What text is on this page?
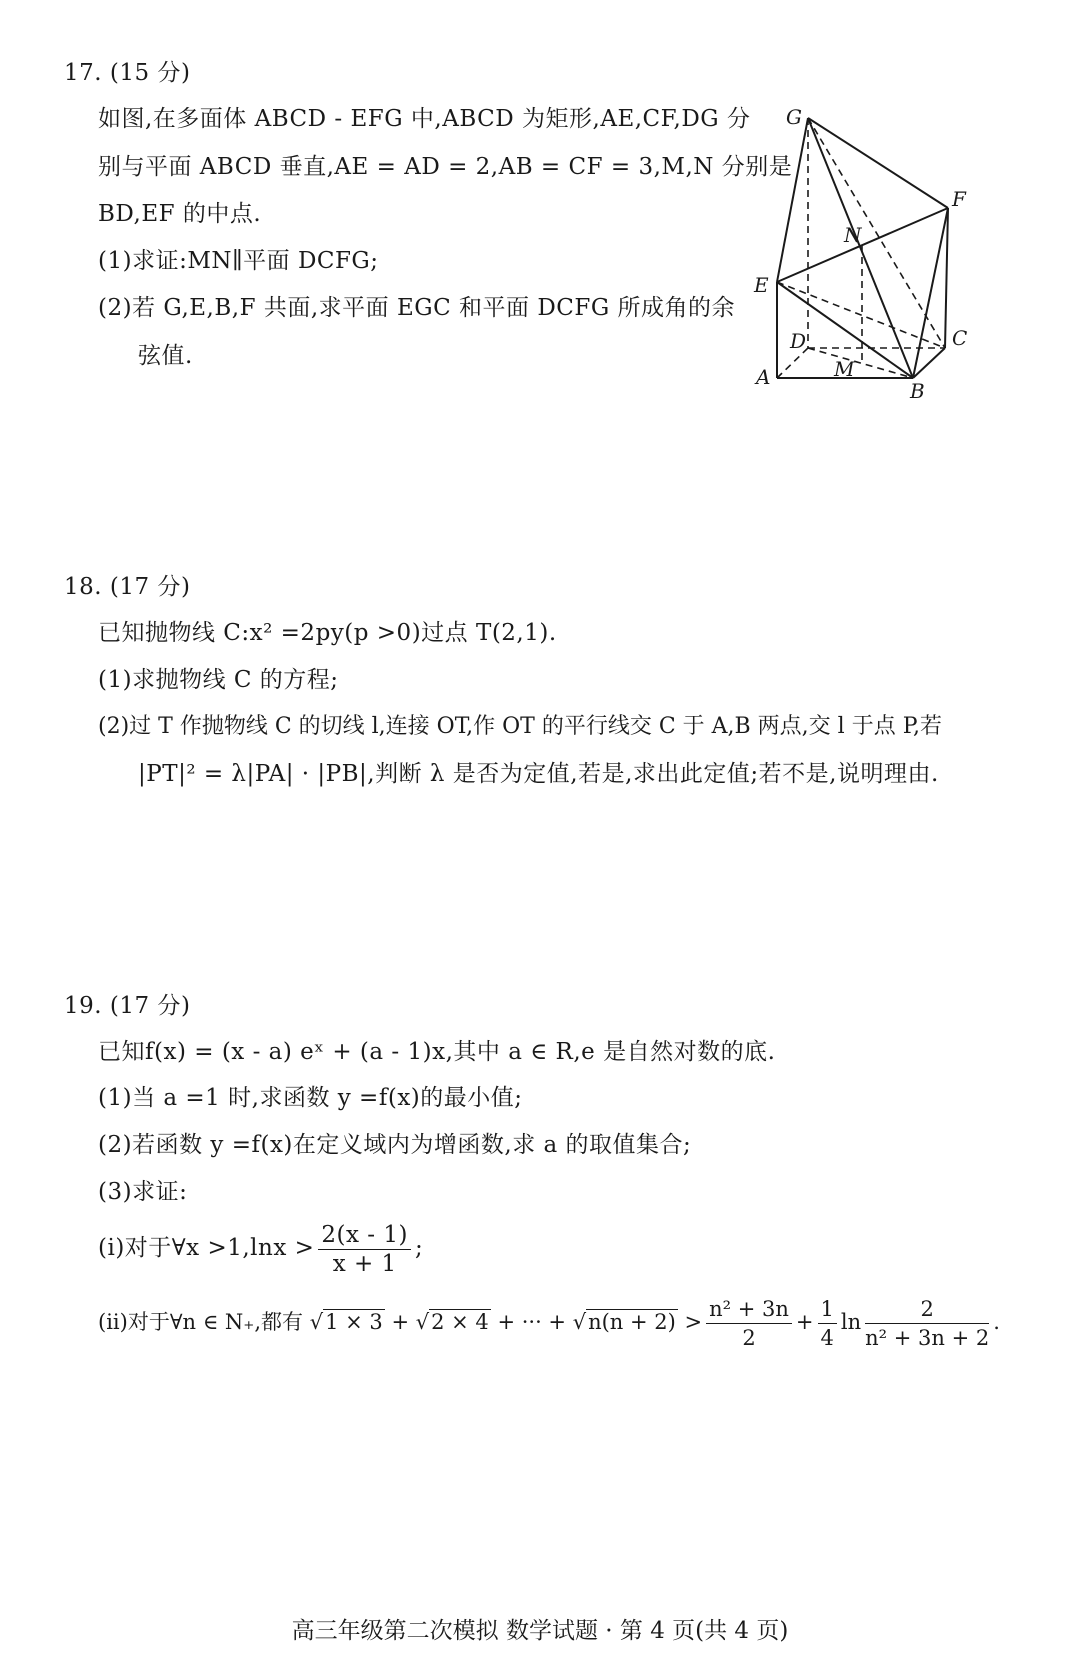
17. (15 分)
如图,在多面体 ABCD - EFG 中,ABCD 为矩形,AE,CF,DG 分
别与平面 ABCD 垂直,AE = AD = 2,AB = CF = 3,M,N 分别是
BD,EF 的中点.
(1)求证:MN∥平面 DCFG;
(2)若 G,E,B,F 共面,求平面 EGC 和平面 DCFG 所成角的余
弦值.
G
F
N
E
D	C
A	M
B
18. (17 分)
已知抛物线 C:x² =2py(p >0)过点 T(2,1).
(1)求抛物线 C 的方程;
(2)过 T 作抛物线 C 的切线 l,连接 OT,作 OT 的平行线交 C 于 A,B 两点,交 l 于点 P,若
|PT|² = λ|PA| · |PB|,判断 λ 是否为定值,若是,求出此定值;若不是,说明理由.
19. (17 分)
已知f(x) = (x - a) eˣ + (a - 1)x,其中 a ∈ R,e 是自然对数的底.
(1)当 a =1 时,求函数 y =f(x)的最小值;
(2)若函数 y =f(x)在定义域内为增函数,求 a 的取值集合;
(3)求证:
(i)对于∀x $>1,\ln x > \frac{2(x - 1)}{x + 1}$ ;
(ii)对于∀n ∈ N₊,都有 √1 × 3 + √2 × 4 + ··· + $√n(n + 2) > \frac{\text{n² + 3n}}{2} + \frac{1}{4}$ $\ln \frac{2}{\text{n² + 3n + 2}}$ .
高三年级第二次模拟 数学试题 · 第 4 页(共 4 页)
